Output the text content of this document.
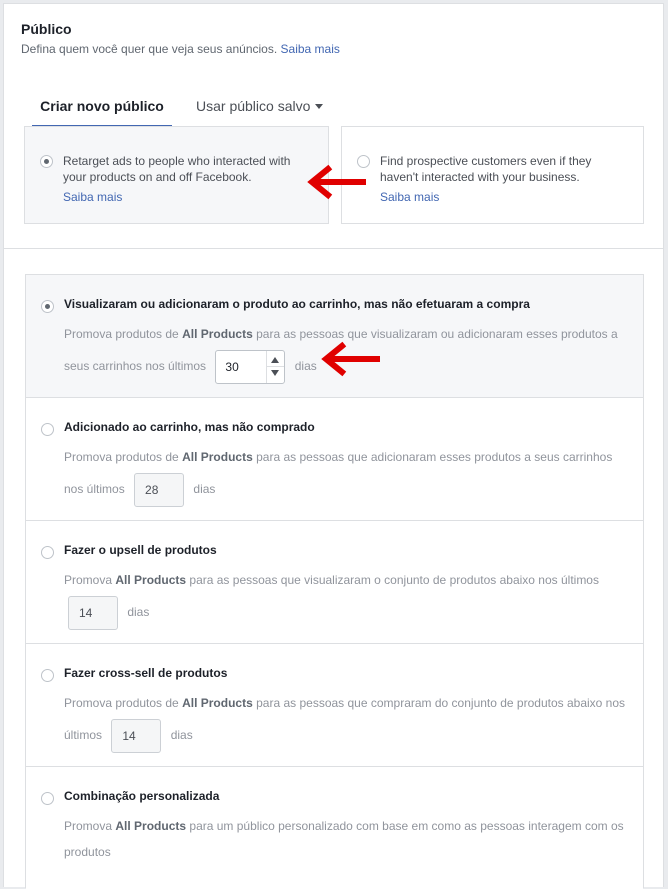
Público
Defina quem você quer que veja seus anúncios. Saiba mais
Criar novo público	Usar público salvo
Retarget ads to people who interacted with your products on and off Facebook.
Saiba mais
Find prospective customers even if they haven't interacted with your business.
Saiba mais
Visualizaram ou adicionaram o produto ao carrinho, mas não efetuaram a compra
Promova produtos de All Products para as pessoas que visualizaram ou adicionaram esses produtos a seus carrinhos nos últimos 30	dias
Adicionado ao carrinho, mas não comprado
Promova produtos de All Products para as pessoas que adicionaram esses produtos a seus carrinhos nos últimos 28	dias
Fazer o upsell de produtos
Promova All Products para as pessoas que visualizaram o conjunto de produtos abaixo nos últimos
14	dias
Fazer cross-sell de produtos
Promova produtos de All Products para as pessoas que compraram do conjunto de produtos abaixo nos últimos 14	dias
Combinação personalizada
Promova All Products para um público personalizado com base em como as pessoas interagem com os produtos
